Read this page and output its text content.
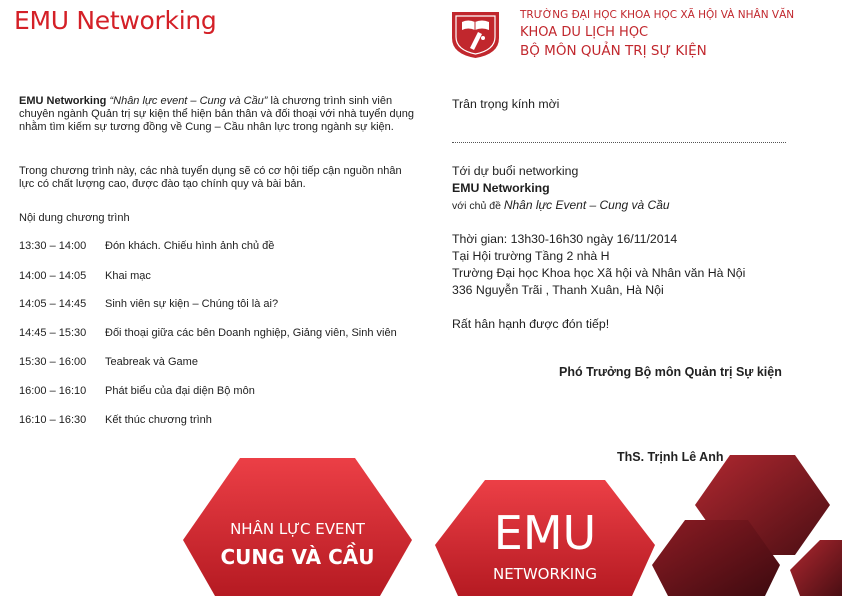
EMU Networking	TRƯỜNG ĐẠI HỌC KHOA HỌC XÃ HỘI VÀ NHÂN VĂN
KHOA DU LỊCH HỌC
BỘ MÔN QUẢN TRỊ SỰ KIỆN
EMU Networking “Nhân lực event – Cung và Cầu” là chương trình sinh viên chuyên ngành Quản trị sự kiện thể hiện bản thân và đối thoại với nhà tuyển dụng nhằm tìm kiếm sự tương đồng về Cung – Cầu nhân lực trong ngành sự kiện.
Trong chương trình này, các nhà tuyển dụng sẽ có cơ hội tiếp cận nguồn nhân lực có chất lượng cao, được đào tạo chính quy và bài bản.
Nội dung chương trình
13:30 – 14:00 Đón khách. Chiếu hình ảnh chủ đề
14:00 – 14:05 Khai mạc
14:05 – 14:45 Sinh viên sự kiện – Chúng tôi là ai?
14:45 – 15:30 Đối thoại giữa các bên Doanh nghiệp, Giảng viên, Sinh viên
15:30 – 16:00 Teabreak và Game
16:00 – 16:10 Phát biểu của đại diện Bộ môn
16:10 – 16:30 Kết thúc chương trình
Trân trọng kính mời
Tới dự buổi networking
EMU Networking
với chủ đề Nhân lực Event – Cung và Cầu
Thời gian: 13h30-16h30 ngày 16/11/2014
Tại Hội trường Tầng 2 nhà H
Trường Đại học Khoa học Xã hội và Nhân văn Hà Nội
336 Nguyễn Trãi , Thanh Xuân, Hà Nội
Rất hân hạnh được đón tiếp!
Phó Trưởng Bộ môn Quản trị Sự kiện
ThS. Trịnh Lê Anh
NHÂN LỰC EVENT
CUNG VÀ CẦU	EMU
NETWORKING
